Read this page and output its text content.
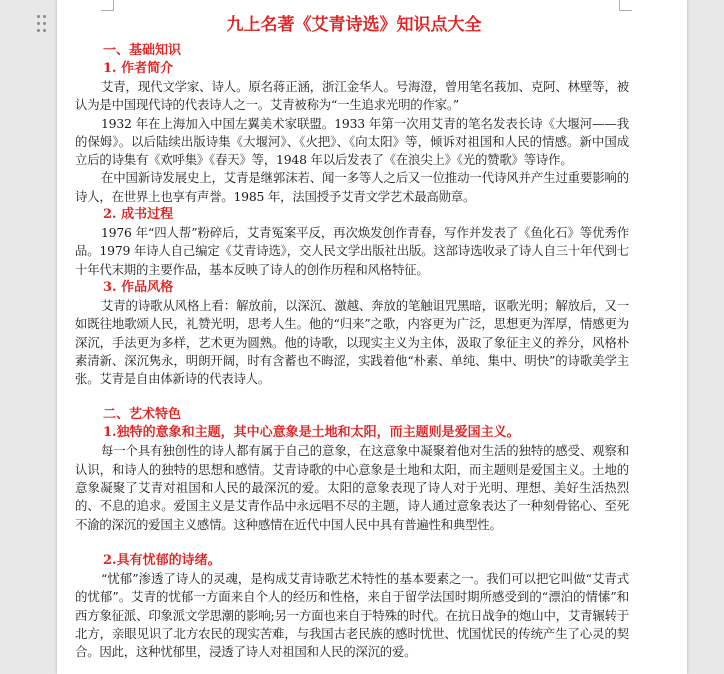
九上名著《艾青诗选》知识点大全
一、基础知识
1. 作者简介

艾青，现代文学家、诗人。原名蒋正涵，浙江金华人。号海澄，曾用笔名莪加、克阿、林壁等，被认为是中国现代诗的代表诗人之一。艾青被称为“一生追求光明的作家。”

1932 年在上海加入中国左翼美术家联盟。1933 年第一次用艾青的笔名发表长诗《大堰河——我的保姆》。以后陆续出版诗集《大堰河》、《火把》、《向太阳》等，倾诉对祖国和人民的情感。新中国成立后的诗集有《欢呼集》《春天》等，1948 年以后发表了《在浪尖上》《光的赞歌》等诗作。

在中国新诗发展史上，艾青是继郭沫若、闻一多等人之后又一位推动一代诗风并产生过重要影响的诗人，在世界上也享有声誉。1985 年，法国授予艾青文学艺术最高勋章。

2. 成书过程

1976 年“四人帮”粉碎后，艾青冤案平反，再次焕发创作青春，写作并发表了《鱼化石》等优秀作品。1979 年诗人自己编定《艾青诗选》，交人民文学出版社出版。这部诗选收录了诗人自三十年代到七十年代末期的主要作品，基本反映了诗人的创作历程和风格特征。

3. 作品风格

艾青的诗歌从风格上看：解放前，以深沉、激越、奔放的笔触诅咒黑暗，讴歌光明；解放后，又一如既往地歌颂人民，礼赞光明，思考人生。他的“归来”之歌，内容更为广泛，思想更为浑厚，情感更为深沉，手法更为多样，艺术更为圆熟。他的诗歌，以现实主义为主体，汲取了象征主义的养分，风格朴素清新、深沉隽永，明朗开阔，时有含蓄也不晦涩，实践着他“朴素、单纯、集中、明快”的诗歌美学主张。艾青是自由体新诗的代表诗人。

二、艺术特色
1.独特的意象和主题，其中心意象是土地和太阳，而主题则是爱国主义。

每一个具有独创性的诗人都有属于自己的意象，在这意象中凝聚着他对生活的独特的感受、观察和认识，和诗人的独特的思想和感情。艾青诗歌的中心意象是土地和太阳，而主题则是爱国主义。土地的意象凝聚了艾青对祖国和人民的最深沉的爱。太阳的意象表现了诗人对于光明、理想、美好生活热烈的、不息的追求。爱国主义是艾青作品中永远唱不尽的主题，诗人通过意象表达了一种刻骨铭心、至死不渝的深沉的爱国主义感情。这种感情在近代中国人民中具有普遍性和典型性。

2.具有忧郁的诗绪。

“忧郁”渗透了诗人的灵魂，是构成艾青诗歌艺术特性的基本要素之一。我们可以把它叫做“艾青式的忧郁”。艾青的忧郁一方面来自个人的经历和性格，来自于留学法国时期所感受到的“漂泊的情愫”和西方象征派、印象派文学思潮的影响;另一方面也来自于特殊的时代。在抗日战争的炮山中，艾青辗转于北方，亲眼见识了北方农民的现实苦难，与我国古老民族的感时忧世、忧国忧民的传统产生了心灵的契合。因此，这种忧郁里，浸透了诗人对祖国和人民的深沉的爱。
